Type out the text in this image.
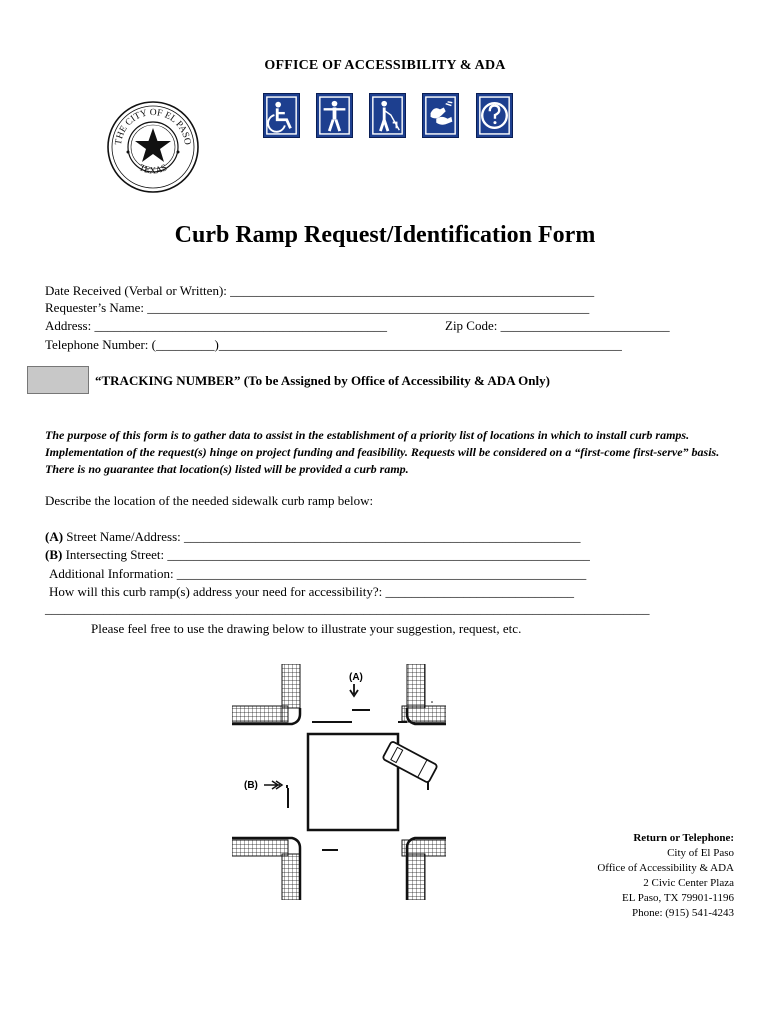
OFFICE OF ACCESSIBILITY & ADA
THE CITY OF EL PASO
TEXAS
Curb Ramp Request/Identification Form
Date Received (Verbal or Written): ________________________________________________________
Requester’s Name: ____________________________________________________________________
Address: _____________________________________________	Zip Code: __________________________
Telephone Number: (_________)______________________________________________________________
“TRACKING NUMBER” (To be Assigned by Office of Accessibility & ADA Only)
The purpose of this form is to gather data to assist in the establishment of a priority list of locations in which to install curb ramps. Implementation of the request(s) hinge on project funding and feasibility. Requests will be considered on a “first-come first-serve” basis. There is no guarantee that location(s) listed will be provided a curb ramp.
Describe the location of the needed sidewalk curb ramp below:
(A) Street Name/Address: _____________________________________________________________
(B) Intersecting Street: _________________________________________________________________
Additional Information: _______________________________________________________________
How will this curb ramp(s) address your need for accessibility?: _____________________________
_____________________________________________________________________________________________
Please feel free to use the drawing below to illustrate your suggestion, request, etc.
(A)
(B)
Return or Telephone:
City of El Paso
Office of Accessibility & ADA
2 Civic Center Plaza
EL Paso, TX 79901-1196
Phone: (915) 541-4243
